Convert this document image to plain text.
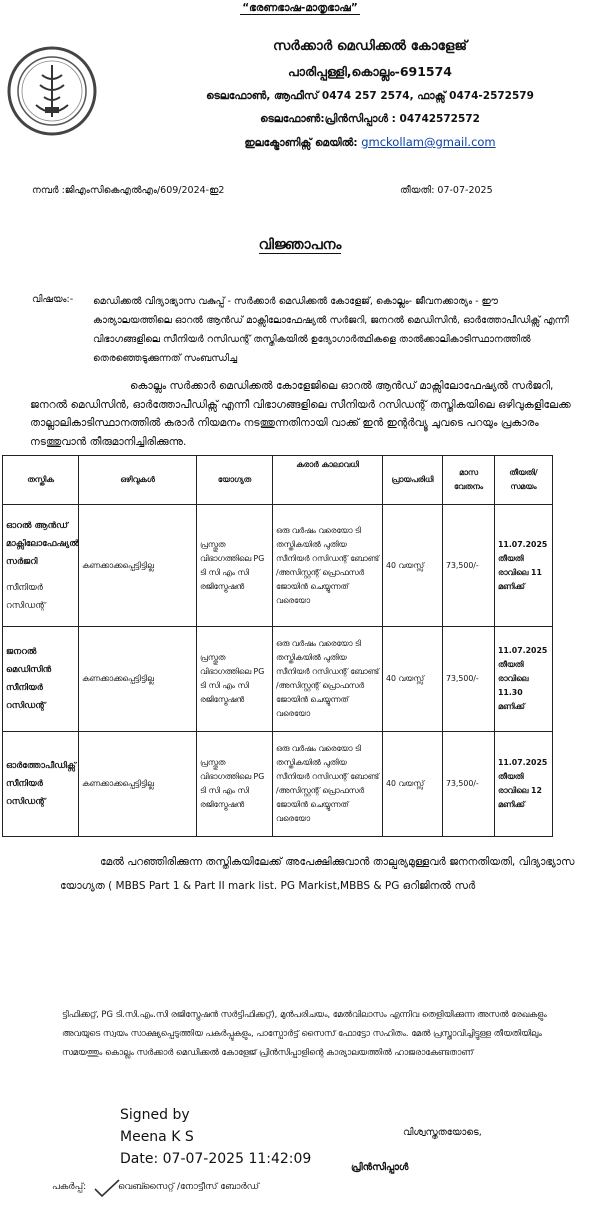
“ഭരണഭാഷ-മാതൃഭാഷ”
സർക്കാർ മെഡിക്കൽ കോളേജ്
പാരിപ്പള്ളി,കൊല്ലം-691574
ടെലഫോൺ, ആഫീസ് 0474 257 2574, ഫാക്സ് 0474-2572579
ടെലഫോൺ:പ്രിൻസിപ്പാൾ : 04742572572
ഇലക്ട്രോണിക്സ് മെയിൽ: gmckollam@gmail.com
നമ്പർ :ജിഎംസികെഎൽഎം/609/2024-ഇ2	തീയതി: 07-07-2025
വിജ്ഞാപനം
വിഷയം:- മെഡിക്കൽ വിദ്യാഭ്യാസ വകുപ്പ് - സർക്കാർ മെഡിക്കൽ കോളേജ്, കൊല്ലം- ജീവനക്കാര്യം - ഈ കാര്യാലയത്തിലെ ഓറൽ ആൻഡ് മാക്സിലോഫേഷ്യൽ സർജറി, ജനറൽ മെഡിസിൻ, ഓർത്തോപീഡിക്സ് എന്നീ വിഭാഗങ്ങളിലെ സീനിയർ റസിഡന്റ് തസ്തികയിൽ ഉദ്യോഗാർത്ഥികളെ താൽക്കാലികാടിസ്ഥാനത്തിൽ തെരഞ്ഞെടുക്കുന്നത് സംബന്ധിച്ച
കൊല്ലം സർക്കാർ മെഡിക്കൽ കോളേജിലെ ഓറൽ ആൻഡ് മാക്സിലോഫേഷ്യൽ സർജറി, ജനറൽ മെഡിസിൻ, ഓർത്തോപീഡിക്സ് എന്നീ വിഭാഗങ്ങളിലെ സീനിയർ റസിഡന്റ് തസ്തികയിലെ ഒഴിവുകളിലേക്ക താല്ലാലികാടിസ്ഥാനത്തിൽ കരാർ നിയമനം നടത്തുന്നതിനായി വാക്ക് ഇൻ ഇന്റർവ്യൂ ചുവടെ പറയും പ്രകാരം നടത്തുവാൻ തീരുമാനിച്ചിരിക്കുന്നു.
തസ്തിക	ഒഴിവുകൾ	യോഗ്യത	കരാർ കാലാവധി	പ്രായപരിധി	മാസ വേതനം	തീയതി/ സമയം
ഓറൽ ആൻഡ് മാക്സിലോഫേഷ്യൽ സർജറി
സീനിയർ റസിഡന്റ്	കണക്കാക്കപ്പെട്ടിട്ടില്ല	പ്രസ്തുത വിഭാഗത്തിലെ PG ടി സി എം സി രജിസ്ട്രേഷൻ	ഒരു വർഷം വരെയോ ടി തസ്തികയിൽ പുതിയ സീനിയർ റസിഡന്റ് ബോണ്ട് /അസിസ്റ്റന്റ് പ്രൊഫസർ ജോയിൻ ചെയ്യുന്നത് വരെയോ	40 വയസ്സ്	73,500/-	11.07.2025 തീയതി രാവിലെ 11 മണിക്ക്
ജനറൽ മെഡിസിൻ സീനിയർ റസിഡന്റ്	കണക്കാക്കപ്പെട്ടിട്ടില്ല	പ്രസ്തുത വിഭാഗത്തിലെ PG ടി സി എം സി രജിസ്ട്രേഷൻ	ഒരു വർഷം വരെയോ ടി തസ്തികയിൽ പുതിയ സീനിയർ റസിഡന്റ് ബോണ്ട് /അസിസ്റ്റന്റ് പ്രൊഫസർ ജോയിൻ ചെയ്യുന്നത് വരെയോ	40 വയസ്സ്	73,500/-	11.07.2025 തീയതി രാവിലെ 11.30 മണിക്ക്
ഓർത്തോപീഡിക്സ് സീനിയർ റസിഡന്റ്	കണക്കാക്കപ്പെട്ടിട്ടില്ല	പ്രസ്തുത വിഭാഗത്തിലെ PG ടി സി എം സി രജിസ്ട്രേഷൻ	ഒരു വർഷം വരെയോ ടി തസ്തികയിൽ പുതിയ സീനിയർ റസിഡന്റ് ബോണ്ട് /അസിസ്റ്റന്റ് പ്രൊഫസർ ജോയിൻ ചെയ്യുന്നത് വരെയോ	40 വയസ്സ്	73,500/-	11.07.2025 തീയതി രാവിലെ 12 മണിക്ക്
മേൽ പറഞ്ഞിരിക്കുന്ന തസ്തികയിലേക്ക് അപേക്ഷിക്കുവാൻ താല്പര്യമുള്ളവർ ജനനതിയതി, വിദ്യാഭ്യാസ യോഗ്യത ( MBBS Part 1 & Part II mark list. PG Markist,MBBS & PG ഒറിജിനൽ സർ
ട്ടിഫിക്കറ്റ്, PG ടി.സി.എം.സി രജിസ്ട്രേഷൻ സർട്ടിഫിക്കറ്റ്), മുൻപരിചയം, മേൽവിലാസം എന്നിവ തെളിയിക്കുന്ന അസൽ രേഖകളും അവയുടെ സ്വയം സാക്ഷ്യപ്പെടുത്തിയ പകർപ്പുകളും, പാസ്പോർട്ട് സൈസ് ഫോട്ടോ സഹിതം. മേൽ പ്രസ്താവിച്ചിട്ടുള്ള തീയതിയിലും സമയത്തും കൊല്ലം സർക്കാർ മെഡിക്കൽ കോളേജ് പ്രിൻസിപ്പാളിന്റെ കാര്യാലയത്തിൽ ഹാജരാകേണ്ടതാണ്
Signed by
Meena K S
Date: 07-07-2025 11:42:09
വിശ്വസ്തതയോടെ,
പ്രിൻസിപ്പാൾ
പകർപ്പ്:	വെബ്സൈറ്റ് /നോട്ടീസ് ബോർഡ്
